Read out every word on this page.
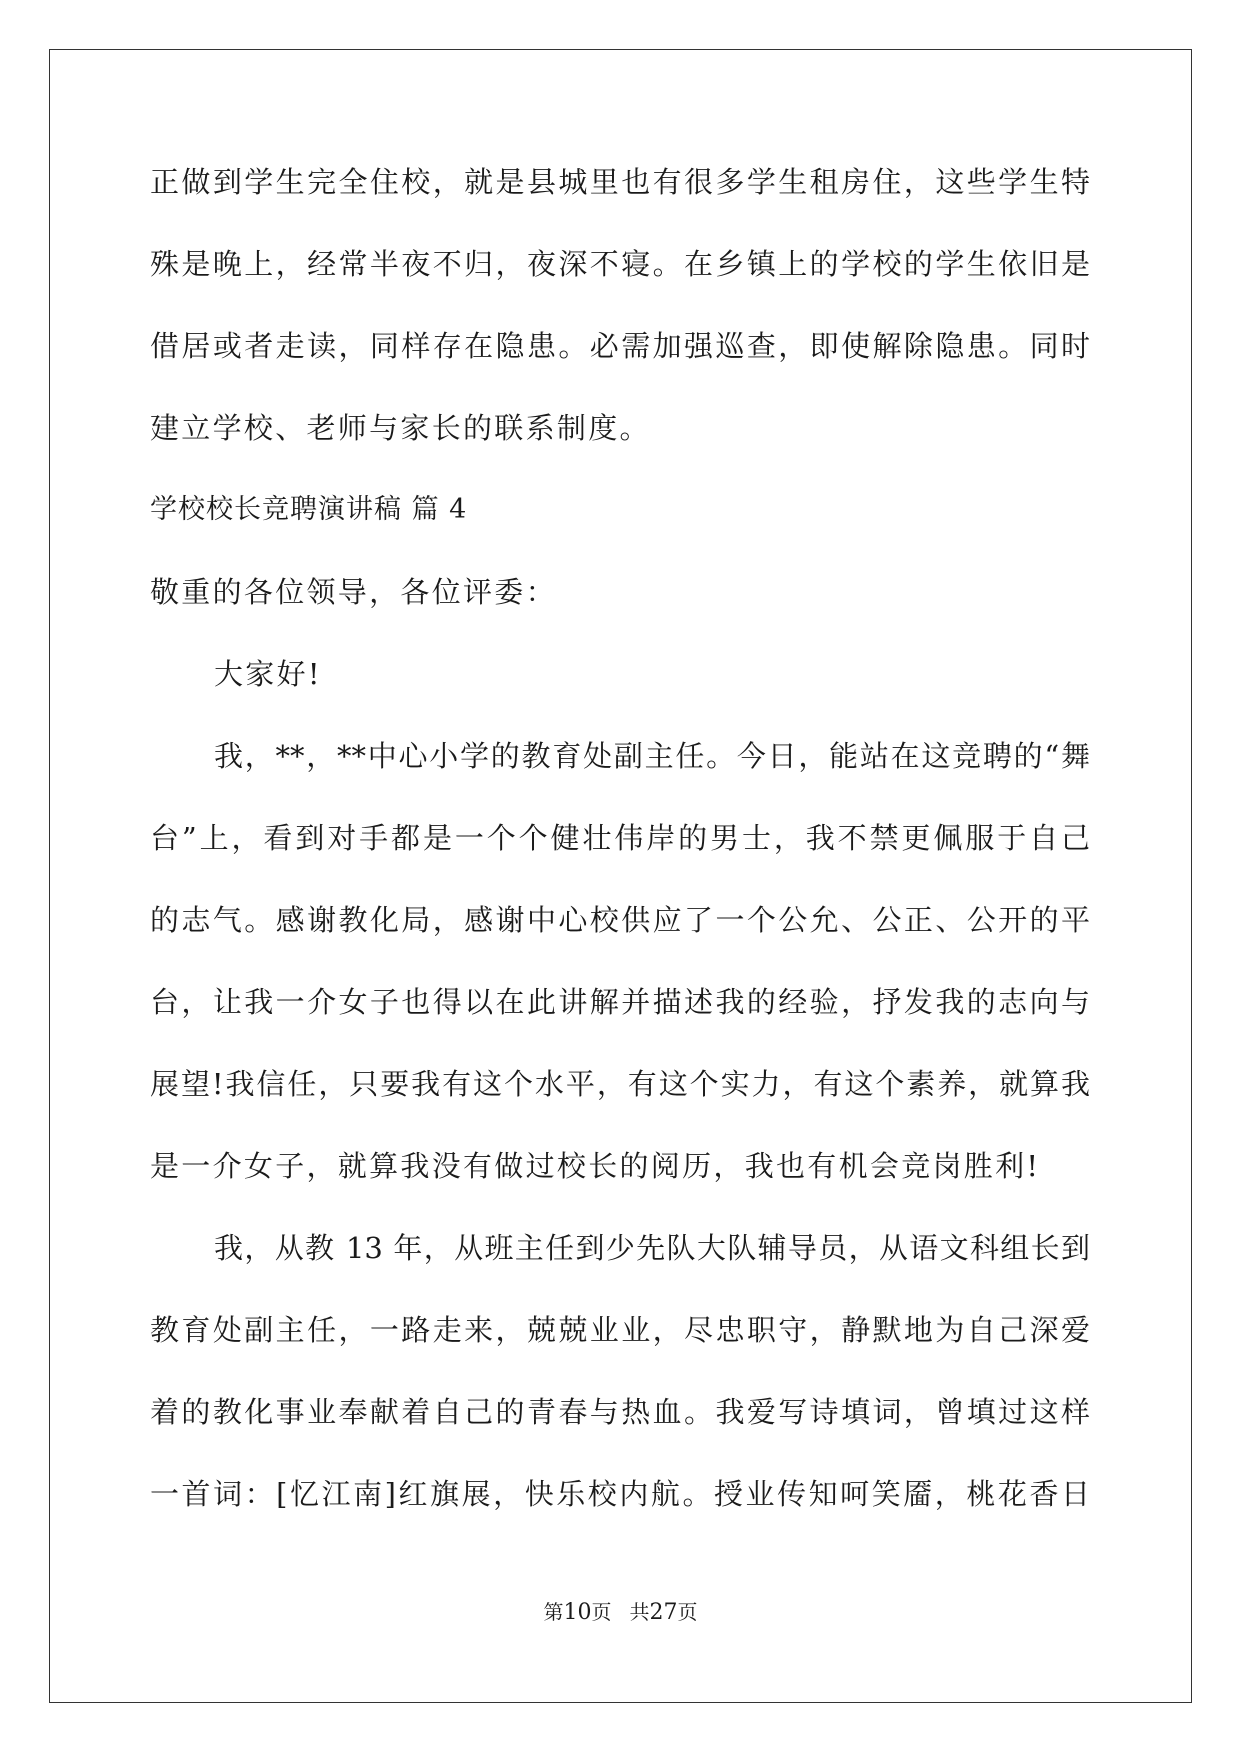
正做到学生完全住校，就是县城里也有很多学生租房住，这些学生特
殊是晚上，经常半夜不归，夜深不寝。在乡镇上的学校的学生依旧是
借居或者走读，同样存在隐患。必需加强巡查，即使解除隐患。同时
建立学校、老师与家长的联系制度。
学校校长竞聘演讲稿 篇 4
敬重的各位领导，各位评委：
大家好!
我，**，**中心小学的教育处副主任。今日，能站在这竞聘的“舞
台”上，看到对手都是一个个健壮伟岸的男士，我不禁更佩服于自己
的志气。感谢教化局，感谢中心校供应了一个公允、公正、公开的平
台，让我一介女子也得以在此讲解并描述我的经验，抒发我的志向与
展望!我信任，只要我有这个水平，有这个实力，有这个素养，就算我
是一介女子，就算我没有做过校长的阅历，我也有机会竞岗胜利!
我，从教 13 年，从班主任到少先队大队辅导员，从语文科组长到
教育处副主任，一路走来，兢兢业业，尽忠职守，静默地为自己深爱
着的教化事业奉献着自己的青春与热血。我爱写诗填词，曾填过这样
一首词：[忆江南]红旗展，快乐校内航。授业传知呵笑靥，桃花香日
第10页 共27页
